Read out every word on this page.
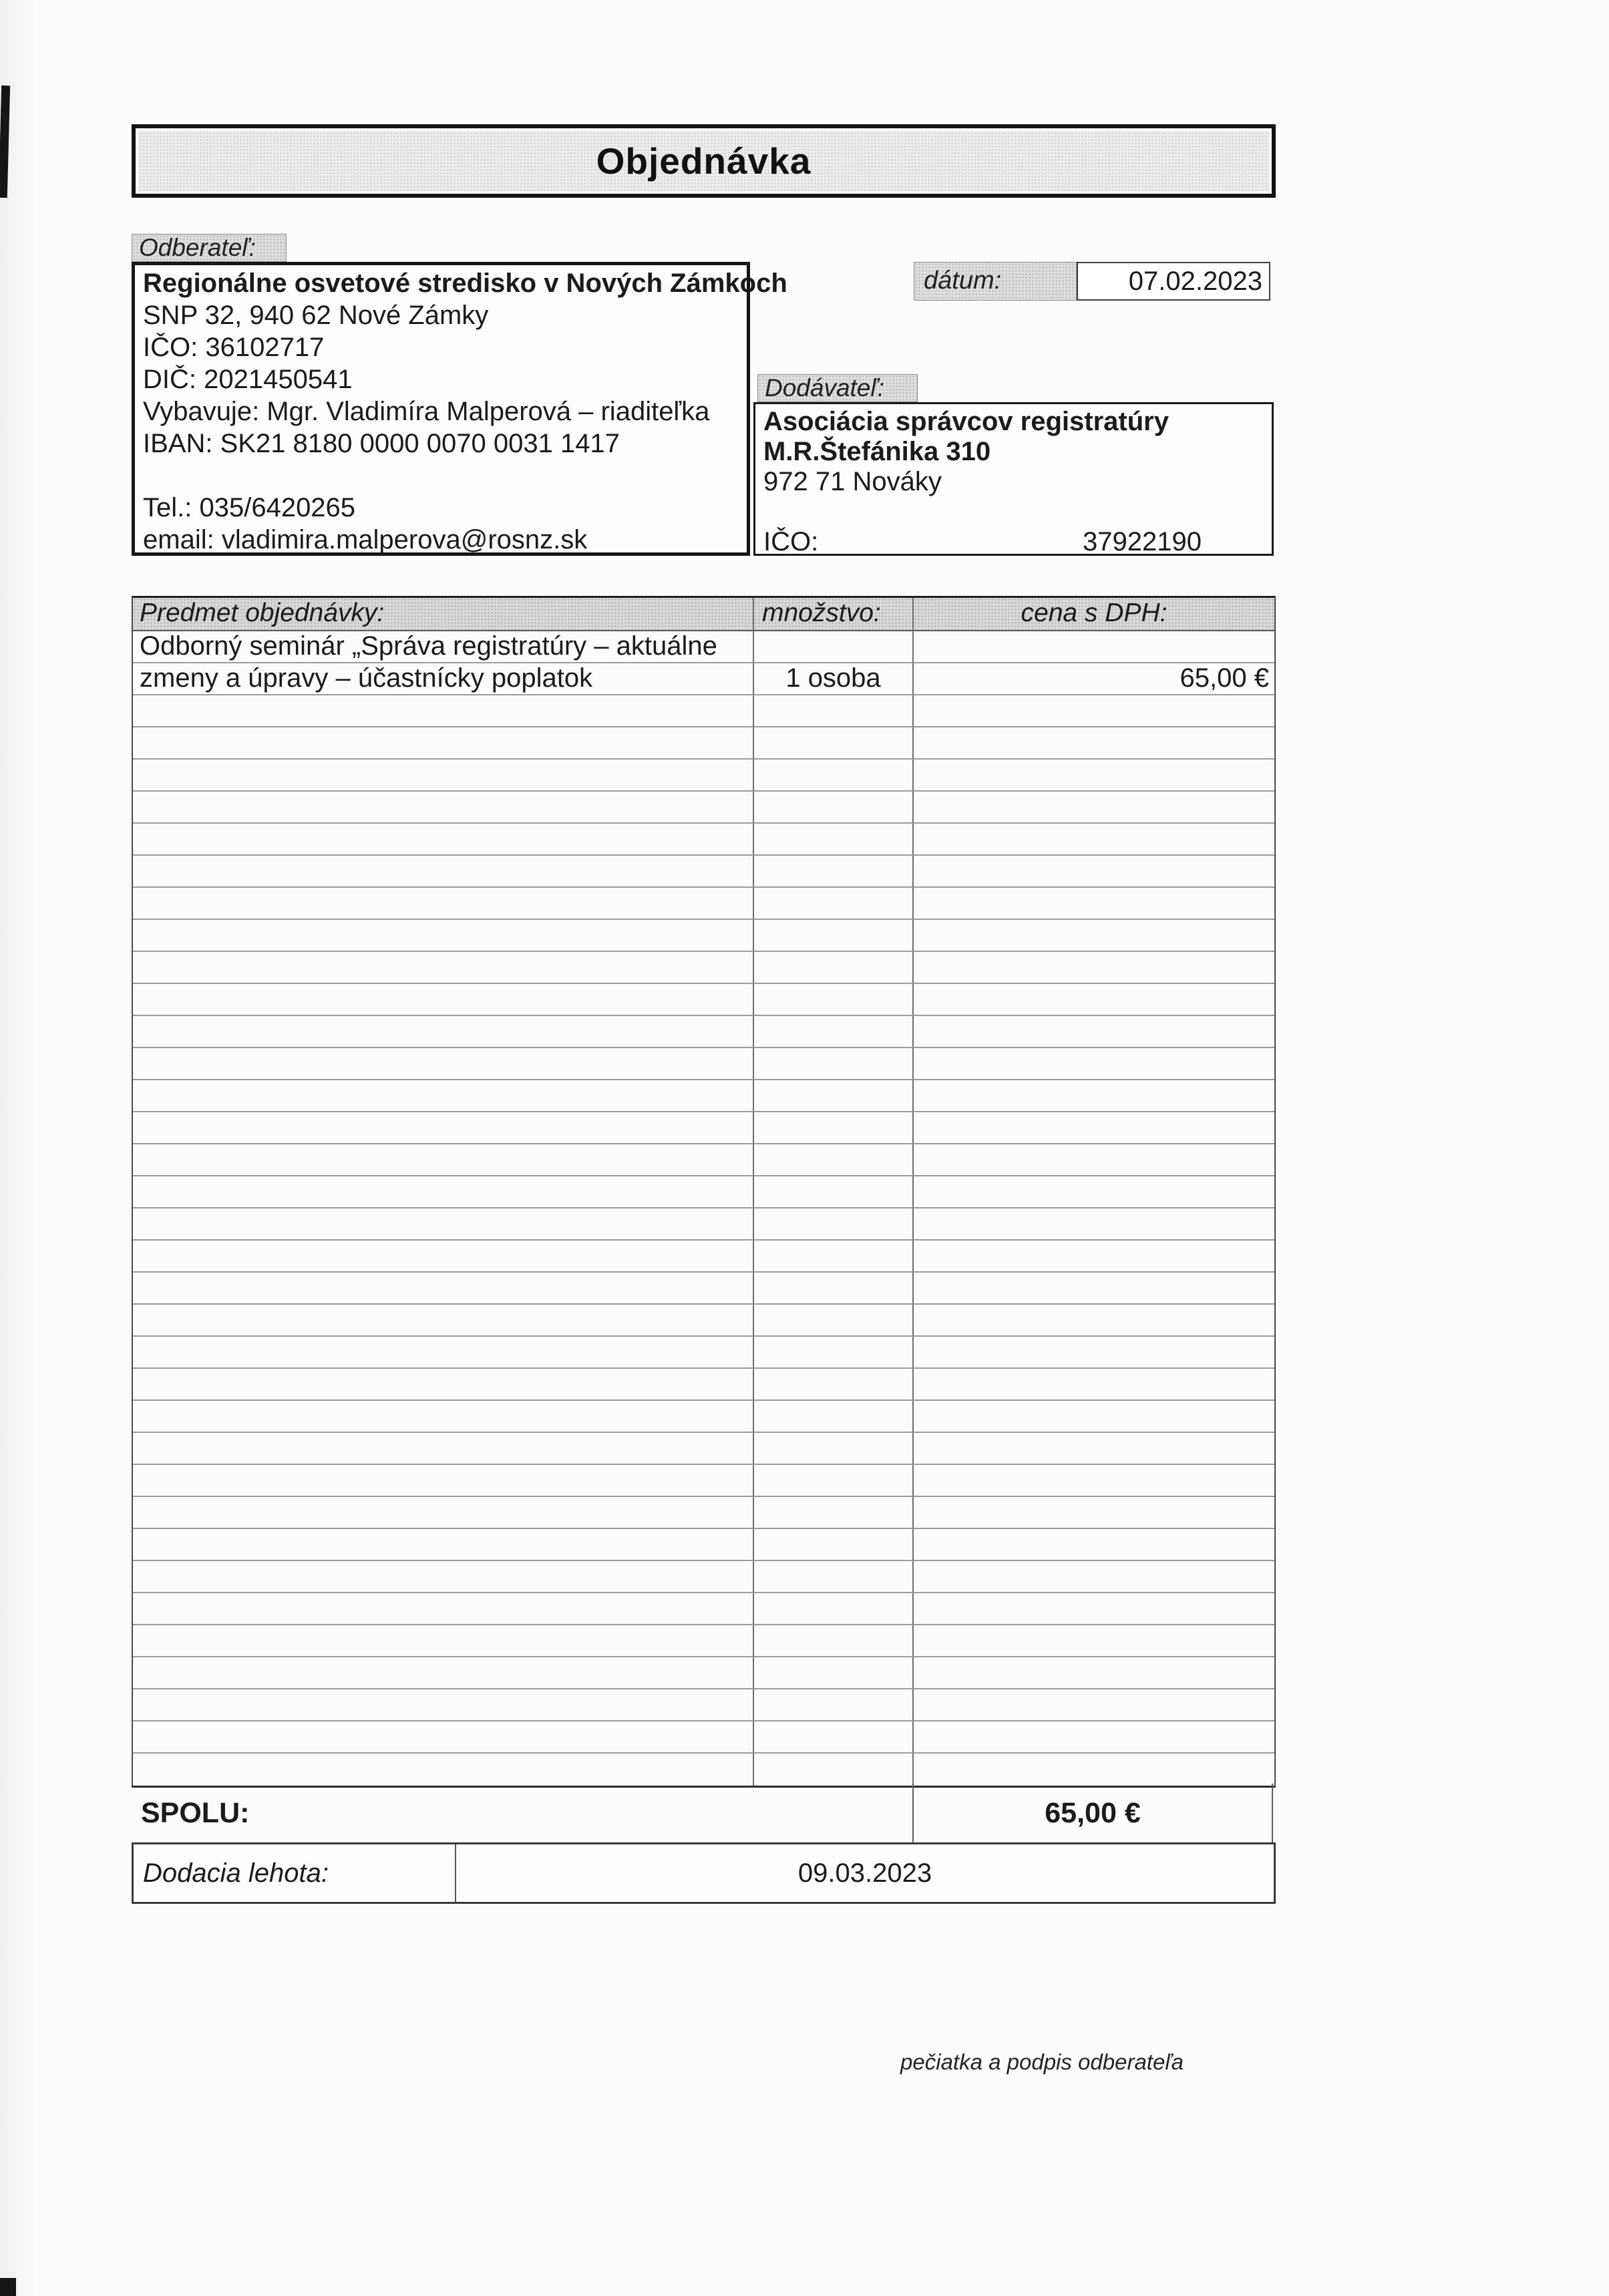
Objednávka
Odberateľ:
Regionálne osvetové stredisko v Nových Zámkoch
SNP 32, 940 62 Nové Zámky
IČO: 36102717
DIČ: 2021450541
Vybavuje: Mgr. Vladimíra Malperová – riaditeľka
IBAN: SK21 8180 0000 0070 0031 1417

Tel.: 035/6420265
email: vladimira.malperova@rosnz.sk
dátum:	07.02.2023
Dodávateľ:
Asociácia správcov registratúry
M.R.Štefánika 310
972 71 Nováky

IČO:	37922190
Predmet objednávky:	množstvo:	cena s DPH:
Odborný seminár „Správa registratúry – aktuálne
zmeny a úpravy – účastnícky poplatok	1 osoba	65,00 €
SPOLU:	65,00 €
Dodacia lehota:	09.03.2023
pečiatka a podpis odberateľa
